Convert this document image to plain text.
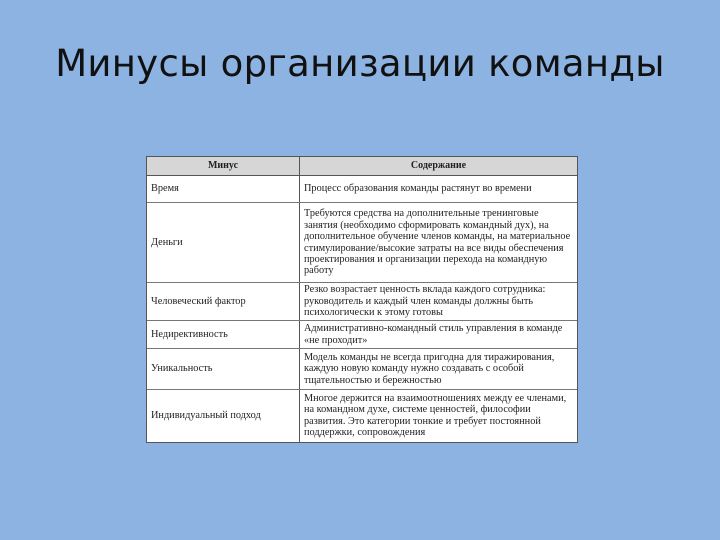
Минусы организации команды
Минус	Содержание
Время	Процесс образования команды растянут во времени
Деньги	Требуются средства на дополнительные тренинговые занятия (необходимо сформировать командный дух), на дополнительное обучение членов команды, на материальное стимулирование/высокие затраты на все виды обеспечения проектирования и организации перехода на командную работу
Человеческий фактор	Резко возрастает ценность вклада каждого сотрудника: руководитель и каждый член команды должны быть психологически к этому готовы
Недирективность	Административно-командный стиль управления в команде «не проходит»
Уникальность	Модель команды не всегда пригодна для тиражирования, каждую новую команду нужно создавать с особой тщательностью и бережностью
Индивидуальный подход	Многое держится на взаимоотношениях между ее членами, на командном духе, системе ценностей, философии развития. Это категории тонкие и требует постоянной поддержки, сопровождения
